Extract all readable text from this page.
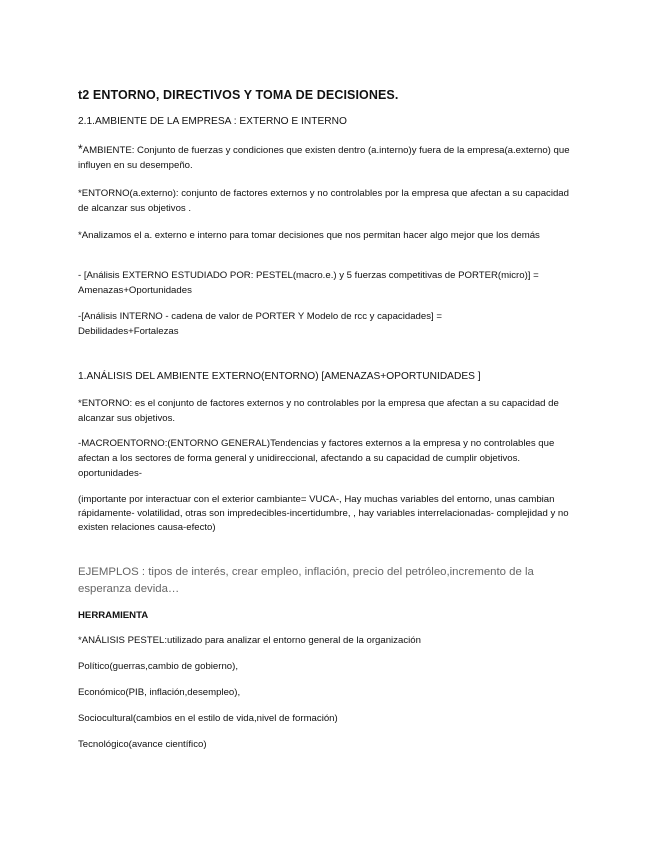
t2 ENTORNO, DIRECTIVOS Y TOMA DE DECISIONES.

2.1.AMBIENTE DE LA EMPRESA : EXTERNO E INTERNO

*AMBIENTE: Conjunto de fuerzas y condiciones que existen dentro (a.interno)y fuera de la empresa(a.externo) que influyen en su desempeño.

*ENTORNO(a.externo): conjunto de factores externos y no controlables por la empresa que afectan a su capacidad de alcanzar sus objetivos .

*Analizamos el a. externo e interno para tomar decisiones que nos permitan hacer algo mejor que los demás

- [Análisis EXTERNO ESTUDIADO POR: PESTEL(macro.e.) y 5 fuerzas competitivas de PORTER(micro)] =
Amenazas+Oportunidades
-[Análisis INTERNO - cadena de valor de PORTER Y Modelo de rcc y capacidades] =
Debilidades+Fortalezas

1.ANÁLISIS DEL AMBIENTE EXTERNO(ENTORNO) [AMENAZAS+OPORTUNIDADES ]

*ENTORNO: es el conjunto de factores externos y no controlables por la empresa que afectan a su capacidad de alcanzar sus objetivos.

-MACROENTORNO:(ENTORNO GENERAL)Tendencias y factores externos a la empresa y no controlables que afectan a los sectores de forma general y unidireccional, afectando a su capacidad de cumplir objetivos. oportunidades-

(importante por interactuar con el exterior cambiante= VUCA-, Hay muchas variables del entorno, unas cambian rápidamente- volatilidad, otras son impredecibles-incertidumbre, , hay variables interrelacionadas- complejidad y no existen relaciones causa-efecto)

EJEMPLOS : tipos de interés, crear empleo, inflación, precio del petróleo,incremento de la esperanza devida…

HERRAMIENTA

*ANÁLISIS PESTEL:utilizado para analizar el entorno general de la organización

Político(guerras,cambio de gobierno),

Económico(PIB, inflación,desempleo),

Sociocultural(cambios en el estilo de vida,nivel de formación)

Tecnológico(avance científico)
